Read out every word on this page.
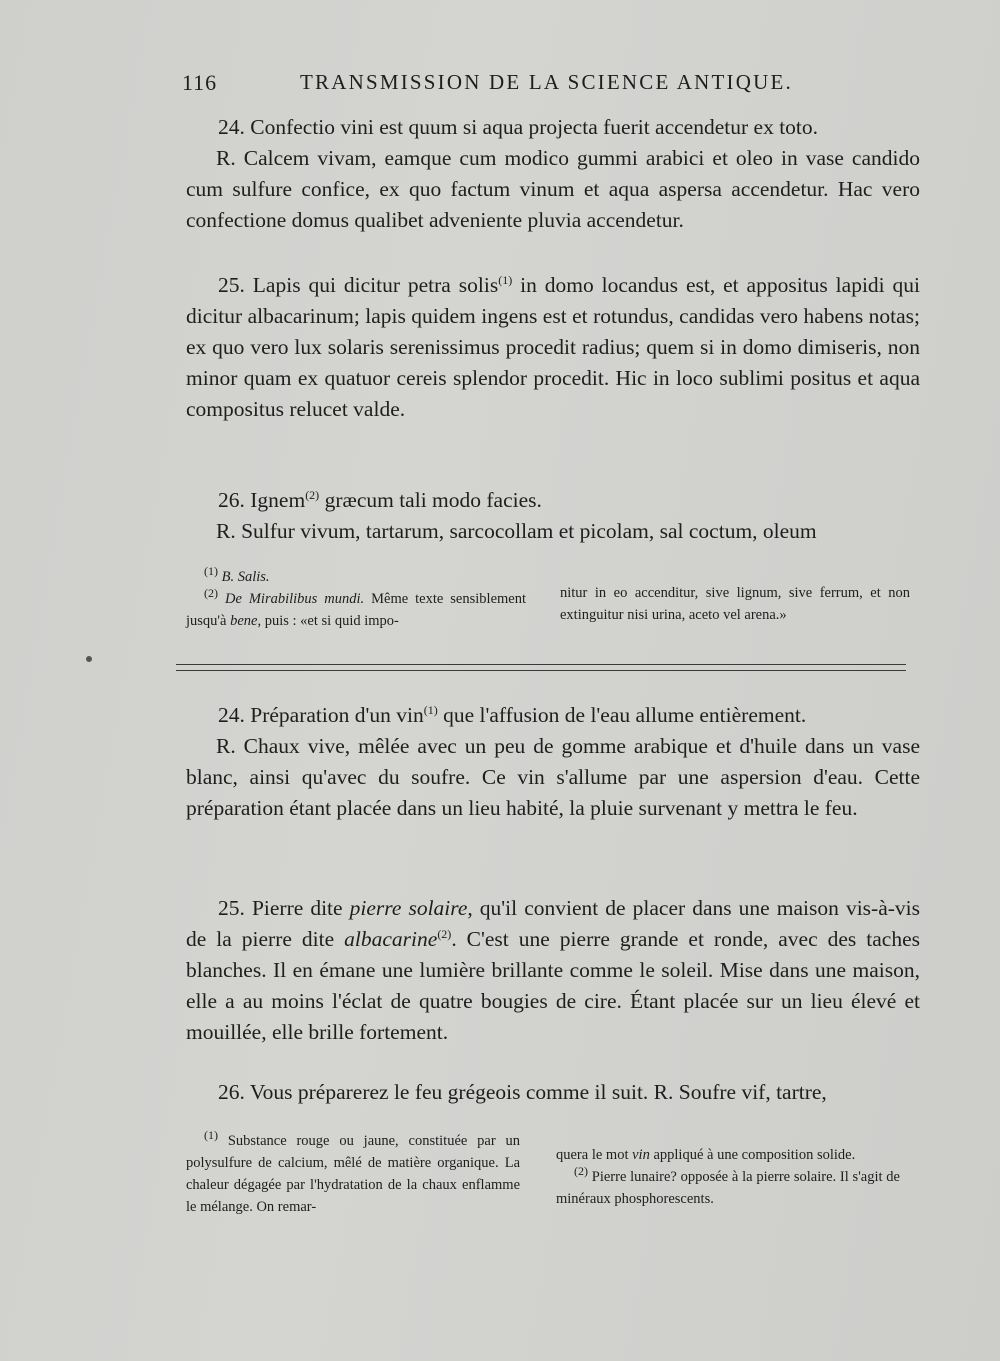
116	TRANSMISSION DE LA SCIENCE ANTIQUE.

24. Confectio vini est quum si aqua projecta fuerit accendetur ex toto.
R. Calcem vivam, eamque cum modico gummi arabici et oleo in vase candido cum sulfure confice, ex quo factum vinum et aqua aspersa accendetur. Hac vero confectione domus qualibet adveniente pluvia accendetur.

25. Lapis qui dicitur petra solis$^{(1)}$ in domo locandus est, et appositus lapidi qui dicitur albacarinum; lapis quidem ingens est et rotundus, candidas vero habens notas; ex quo vero lux solaris serenissimus procedit radius; quem si in domo dimiseris, non minor quam ex quatuor cereis splendor procedit. Hic in loco sublimi positus et aqua compositus relucet valde.

26. Ignem$^{(2)}$ græcum tali modo facies.
R. Sulfur vivum, tartarum, sarcocollam et picolam, sal coctum, oleum

$^{(1)}$ B. Salis.

$^{(2)}$ De Mirabilibus mundi. Même texte sensiblement jusqu'à bene, puis : «et si quid impo-

nitur in eo accenditur, sive lignum, sive ferrum, et non extinguitur nisi urina, aceto vel arena.»

24. Préparation d'un vin$^{(1)}$ que l'affusion de l'eau allume entièrement.
R. Chaux vive, mêlée avec un peu de gomme arabique et d'huile dans un vase blanc, ainsi qu'avec du soufre. Ce vin s'allume par une aspersion d'eau. Cette préparation étant placée dans un lieu habité, la pluie survenant y mettra le feu.

25. Pierre dite pierre solaire, qu'il convient de placer dans une maison vis-à-vis de la pierre dite albacarine$^{(2)}$. C'est une pierre grande et ronde, avec des taches blanches. Il en émane une lumière brillante comme le soleil. Mise dans une maison, elle a au moins l'éclat de quatre bougies de cire. Étant placée sur un lieu élevé et mouillée, elle brille fortement.

26. Vous préparerez le feu grégeois comme il suit. R. Soufre vif, tartre,

$^{(1)}$ Substance rouge ou jaune, constituée par un polysulfure de calcium, mêlé de matière organique. La chaleur dégagée par l'hydratation de la chaux enflamme le mélange. On remar-

quera le mot vin appliqué à une composition solide.

$^{(2)}$ Pierre lunaire? opposée à la pierre solaire. Il s'agit de minéraux phosphorescents.
